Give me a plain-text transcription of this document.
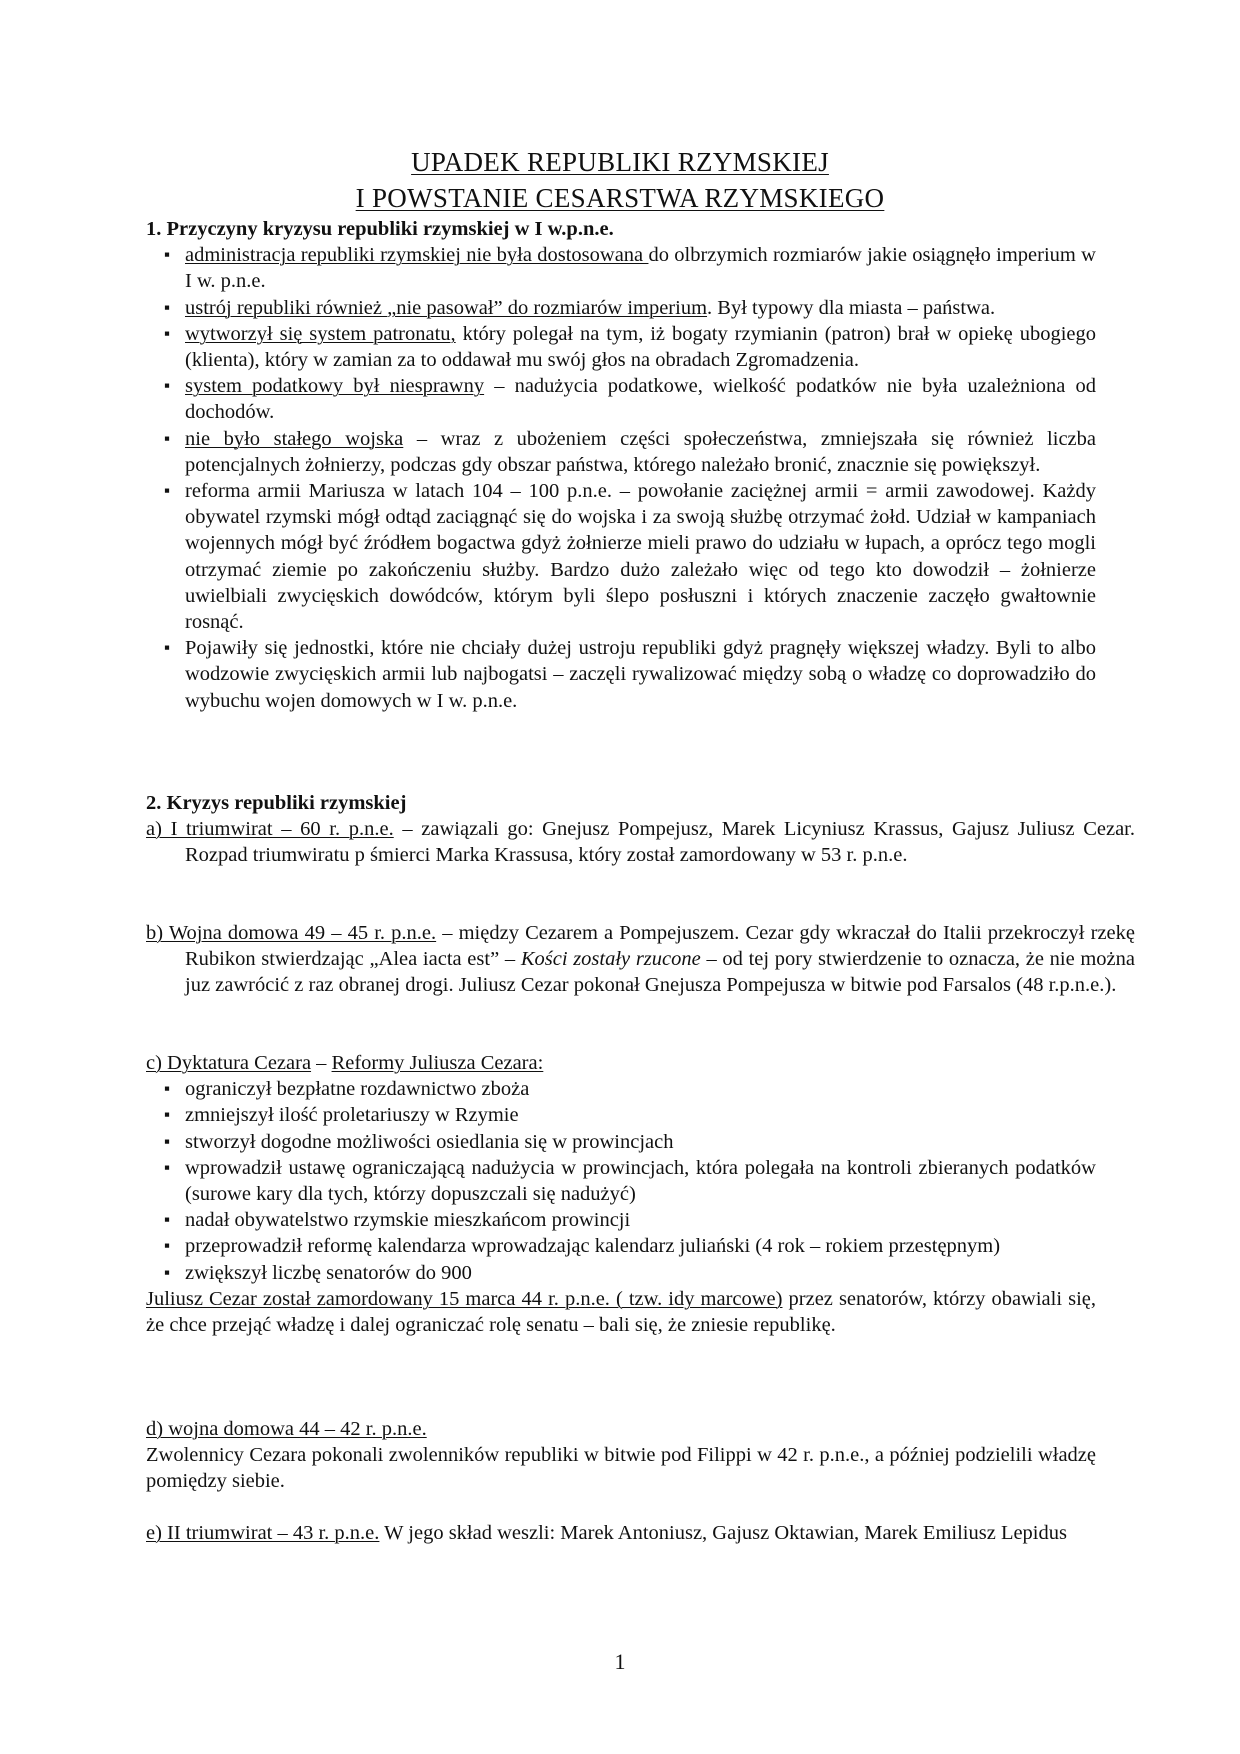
UPADEK REPUBLIKI RZYMSKIEJ
I POWSTANIE CESARSTWA RZYMSKIEGO
1. Przyczyny kryzysu republiki rzymskiej w I w.p.n.e.
▪ administracja republiki rzymskiej nie była dostosowana do olbrzymich rozmiarów jakie osiągnęło imperium w I w. p.n.e.
▪ ustrój republiki również „nie pasował” do rozmiarów imperium. Był typowy dla miasta – państwa.
▪ wytworzył się system patronatu, który polegał na tym, iż bogaty rzymianin (patron) brał w opiekę ubogiego (klienta), który w zamian za to oddawał mu swój głos na obradach Zgromadzenia.
▪ system podatkowy był niesprawny – nadużycia podatkowe, wielkość podatków nie była uzależniona od dochodów.
▪ nie było stałego wojska – wraz z ubożeniem części społeczeństwa, zmniejszała się również liczba potencjalnych żołnierzy, podczas gdy obszar państwa, którego należało bronić, znacznie się powiększył.
▪ reforma armii Mariusza w latach 104 – 100 p.n.e. – powołanie zaciężnej armii = armii zawodowej. Każdy obywatel rzymski mógł odtąd zaciągnąć się do wojska i za swoją służbę otrzymać żołd. Udział w kampaniach wojennych mógł być źródłem bogactwa gdyż żołnierze mieli prawo do udziału w łupach, a oprócz tego mogli otrzymać ziemie po zakończeniu służby. Bardzo dużo zależało więc od tego kto dowodził – żołnierze uwielbiali zwycięskich dowódców, którym byli ślepo posłuszni i których znaczenie zaczęło gwałtownie rosnąć.
▪ Pojawiły się jednostki, które nie chciały dużej ustroju republiki gdyż pragnęły większej władzy. Byli to albo wodzowie zwycięskich armii lub najbogatsi – zaczęli rywalizować między sobą o władzę co doprowadziło do wybuchu wojen domowych w I w. p.n.e.
2. Kryzys republiki rzymskiej
a) I triumwirat – 60 r. p.n.e. – zawiązali go: Gnejusz Pompejusz, Marek Licyniusz Krassus, Gajusz Juliusz Cezar. Rozpad triumwiratu p śmierci Marka Krassusa, który został zamordowany w 53 r. p.n.e.
b) Wojna domowa 49 – 45 r. p.n.e. – między Cezarem a Pompejuszem. Cezar gdy wkraczał do Italii przekroczył rzekę Rubikon stwierdzając „Alea iacta est” – Kości zostały rzucone – od tej pory stwierdzenie to oznacza, że nie można juz zawrócić z raz obranej drogi. Juliusz Cezar pokonał Gnejusza Pompejusza w bitwie pod Farsalos (48 r.p.n.e.).
c) Dyktatura Cezara – Reformy Juliusza Cezara:
▪ ograniczył bezpłatne rozdawnictwo zboża
▪ zmniejszył ilość proletariuszy w Rzymie
▪ stworzył dogodne możliwości osiedlania się w prowincjach
▪ wprowadził ustawę ograniczającą nadużycia w prowincjach, która polegała na kontroli zbieranych podatków (surowe kary dla tych, którzy dopuszczali się nadużyć)
▪ nadał obywatelstwo rzymskie mieszkańcom prowincji
▪ przeprowadził reformę kalendarza wprowadzając kalendarz juliański (4 rok – rokiem przestępnym)
▪ zwiększył liczbę senatorów do 900

Juliusz Cezar został zamordowany 15 marca 44 r. p.n.e. ( tzw. idy marcowe) przez senatorów, którzy obawiali się, że chce przejąć władzę i dalej ograniczać rolę senatu – bali się, że zniesie republikę.

d) wojna domowa 44 – 42 r. p.n.e.

Zwolennicy Cezara pokonali zwolenników republiki w bitwie pod Filippi w 42 r. p.n.e., a później podzielili władzę pomiędzy siebie.

e) II triumwirat – 43 r. p.n.e. W jego skład weszli: Marek Antoniusz, Gajusz Oktawian, Marek Emiliusz Lepidus
1
